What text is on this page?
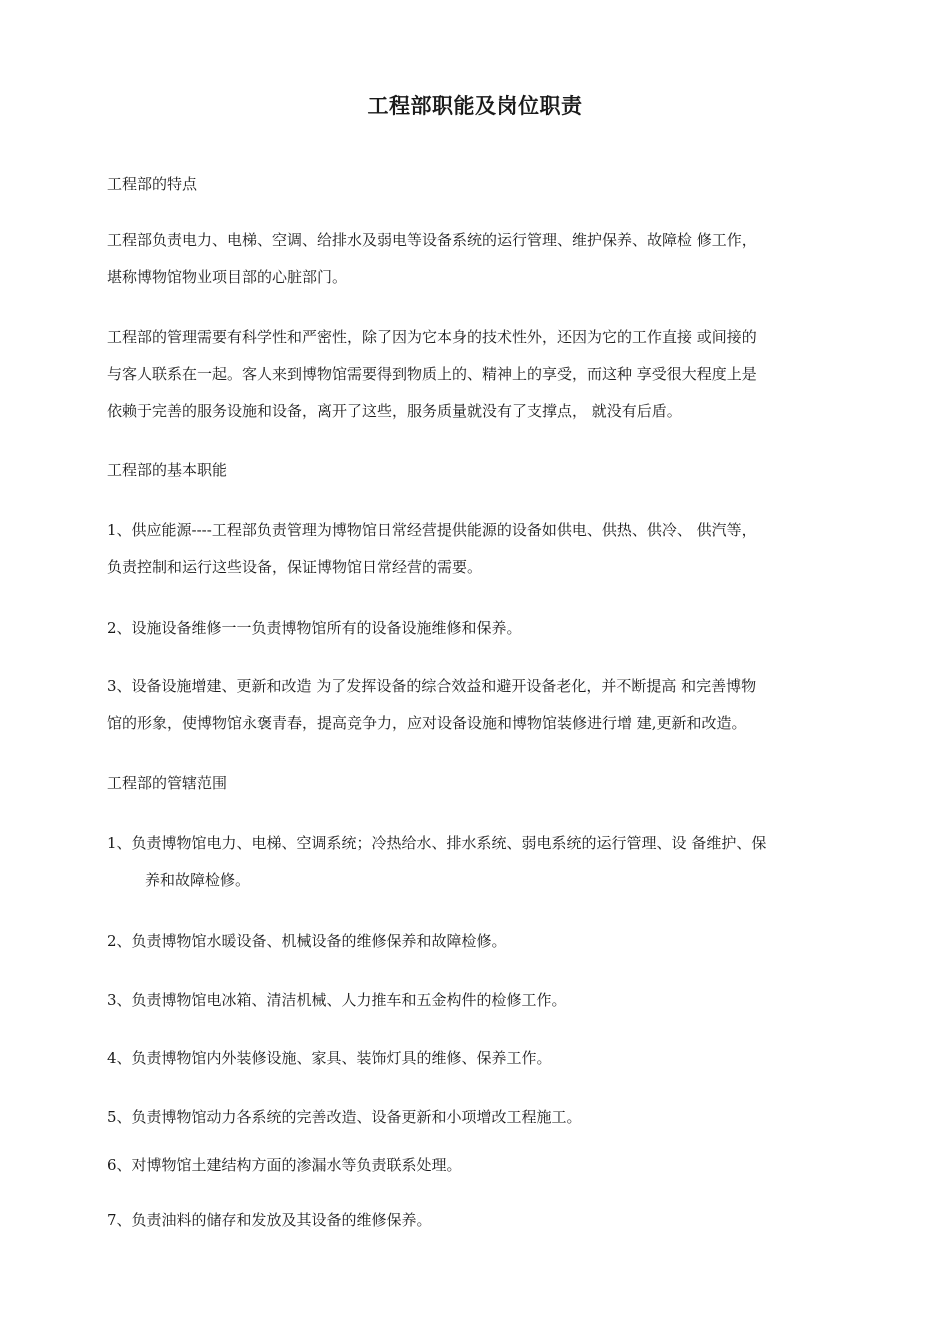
工程部职能及岗位职责
工程部的特点
工程部负责电力、电梯、空调、给排水及弱电等设备系统的运行管理、维护保养、故障检 修工作，
堪称博物馆物业项目部的心脏部门。
工程部的管理需要有科学性和严密性，除了因为它本身的技术性外，还因为它的工作直接 或间接的
与客人联系在一起。客人来到博物馆需要得到物质上的、精神上的享受，而这种 享受很大程度上是
依赖于完善的服务设施和设备，离开了这些，服务质量就没有了支撑点， 就没有后盾。
工程部的基本职能
1、供应能源----工程部负责管理为博物馆日常经营提供能源的设备如供电、供热、供冷、 供汽等，
负责控制和运行这些设备，保证博物馆日常经营的需要。
2、设施设备维修一一负责博物馆所有的设备设施维修和保养。
3、设备设施增建、更新和改造 为了发挥设备的综合效益和避开设备老化，并不断提高 和完善博物
馆的形象，使博物馆永褒青春，提高竞争力，应对设备设施和博物馆装修进行增 建,更新和改造。
工程部的管辖范围
1、负责博物馆电力、电梯、空调系统；冷热给水、排水系统、弱电系统的运行管理、设 备维护、保
养和故障检修。
2、负责博物馆水暖设备、机械设备的维修保养和故障检修。
3、负责博物馆电冰箱、清洁机械、人力推车和五金构件的检修工作。
4、负责博物馆内外装修设施、家具、装饰灯具的维修、保养工作。
5、负责博物馆动力各系统的完善改造、设备更新和小项增改工程施工。
6、对博物馆土建结构方面的渗漏水等负责联系处理。
7、负责油料的储存和发放及其设备的维修保养。
